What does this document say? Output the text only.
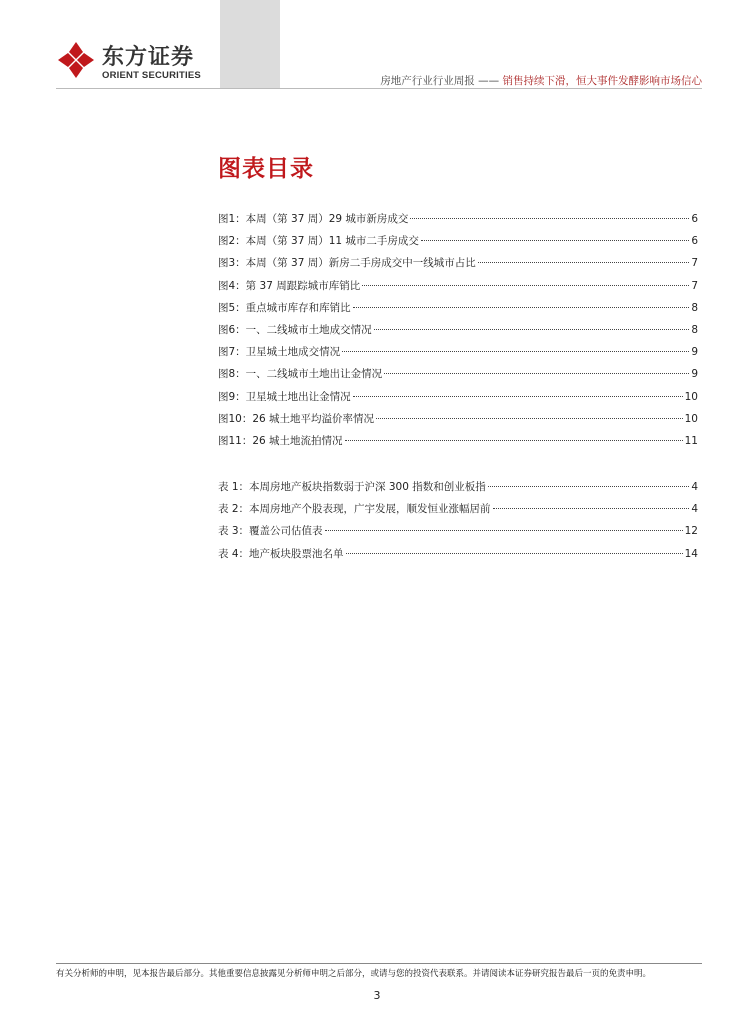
东方证券
ORIENT SECURITIES	房地产行业行业周报 —— 销售持续下滑，恒大事件发酵影响市场信心
图表目录
图1：本周（第 37 周）29 城市新房成交	6
图2：本周（第 37 周）11 城市二手房成交	6
图3：本周（第 37 周）新房二手房成交中一线城市占比	7
图4：第 37 周跟踪城市库销比	7
图5：重点城市库存和库销比	8
图6：一、二线城市土地成交情况	8
图7：卫星城土地成交情况	9
图8：一、二线城市土地出让金情况	9
图9：卫星城土地出让金情况	10
图10：26 城土地平均溢价率情况	10
图11：26 城土地流拍情况	11
表 1：本周房地产板块指数弱于沪深 300 指数和创业板指	4
表 2：本周房地产个股表现，广宇发展，顺发恒业涨幅居前	4
表 3：覆盖公司估值表	12
表 4：地产板块股票池名单	14
有关分析师的申明，见本报告最后部分。其他重要信息披露见分析师申明之后部分，或请与您的投资代表联系。并请阅读本证券研究报告最后一页的免责申明。
3
